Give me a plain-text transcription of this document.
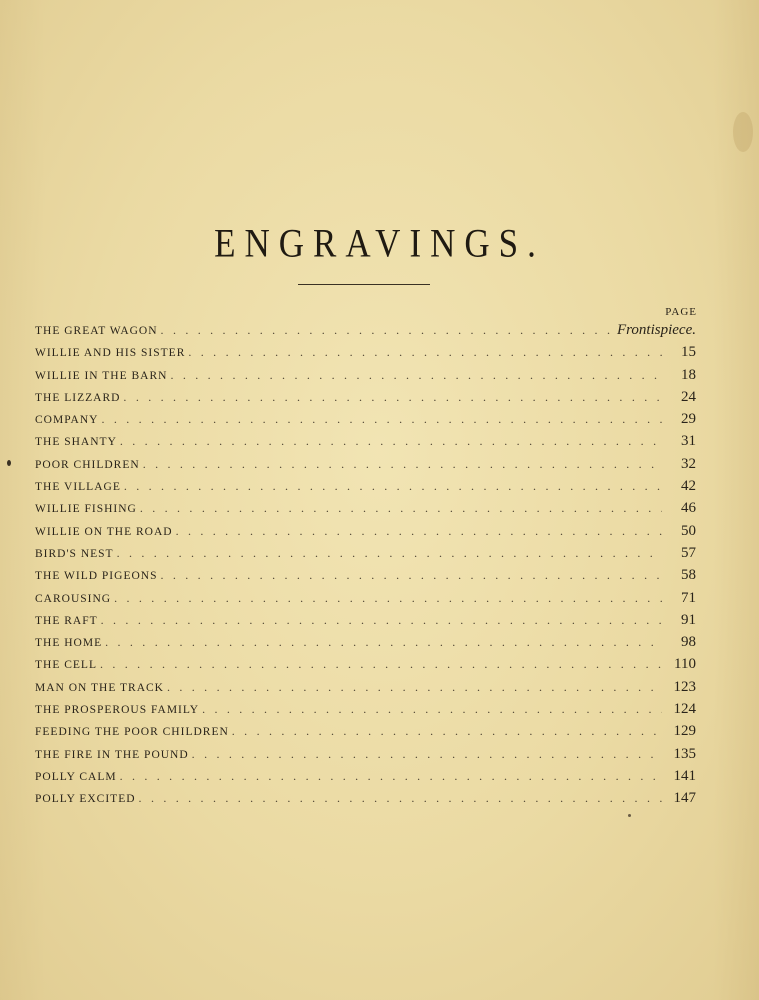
ENGRAVINGS.
PAGE
THE GREAT WAGON . . .	Frontispiece.
WILLIE AND HIS SISTER . . .	15
WILLIE IN THE BARN . . .	18
THE LIZZARD . . .	24
COMPANY . . .	29
THE SHANTY . . .	31
POOR CHILDREN . . .	32
THE VILLAGE . . .	42
WILLIE FISHING . . .	46
WILLIE ON THE ROAD . . .	50
BIRD'S NEST . . .	57
THE WILD PIGEONS . . .	58
CAROUSING . . .	71
THE RAFT . . .	91
THE HOME . . .	98
THE CELL . . .	110
MAN ON THE TRACK . . .	123
THE PROSPEROUS FAMILY . . .	124
FEEDING THE POOR CHILDREN . . .	129
THE FIRE IN THE POUND . . .	135
POLLY CALM . . .	141
POLLY EXCITED . . .	147
